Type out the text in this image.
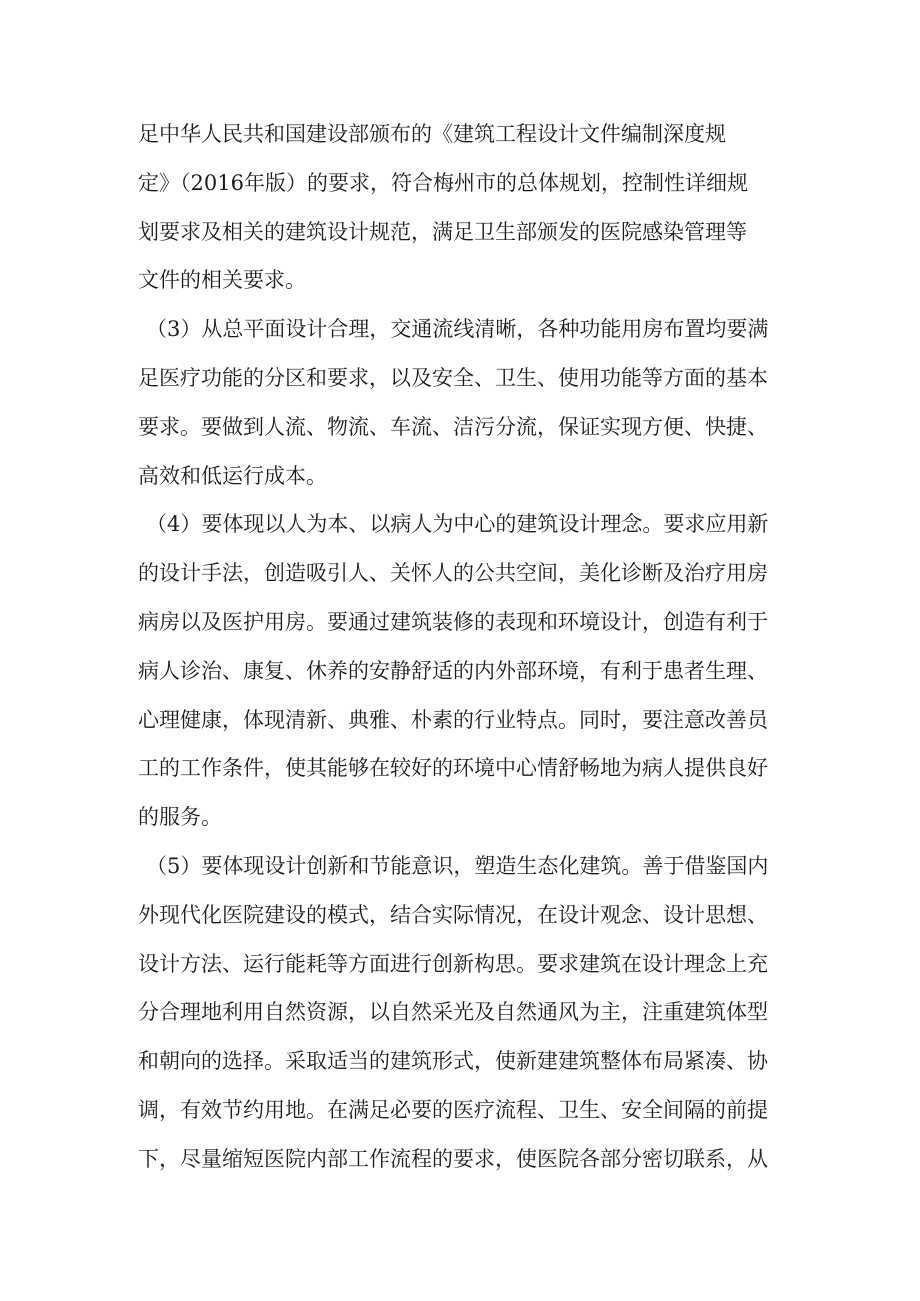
足中华人民共和国建设部颁布的《建筑工程设计文件编制深度规
定》（2016年版）的要求，符合梅州市的总体规划，控制性详细规
划要求及相关的建筑设计规范，满足卫生部颁发的医院感染管理等
文件的相关要求。
（3）从总平面设计合理，交通流线清晰，各种功能用房布置均要满
足医疗功能的分区和要求，以及安全、卫生、使用功能等方面的基本
要求。要做到人流、物流、车流、洁污分流，保证实现方便、快捷、
高效和低运行成本。
（4）要体现以人为本、以病人为中心的建筑设计理念。要求应用新
的设计手法，创造吸引人、关怀人的公共空间，美化诊断及治疗用房
病房以及医护用房。要通过建筑装修的表现和环境设计，创造有利于
病人诊治、康复、休养的安静舒适的内外部环境，有利于患者生理、
心理健康，体现清新、典雅、朴素的行业特点。同时，要注意改善员
工的工作条件，使其能够在较好的环境中心情舒畅地为病人提供良好
的服务。
（5）要体现设计创新和节能意识，塑造生态化建筑。善于借鉴国内
外现代化医院建设的模式，结合实际情况，在设计观念、设计思想、
设计方法、运行能耗等方面进行创新构思。要求建筑在设计理念上充
分合理地利用自然资源，以自然采光及自然通风为主，注重建筑体型
和朝向的选择。采取适当的建筑形式，使新建建筑整体布局紧凑、协
调，有效节约用地。在满足必要的医疗流程、卫生、安全间隔的前提
下，尽量缩短医院内部工作流程的要求，使医院各部分密切联系，从
